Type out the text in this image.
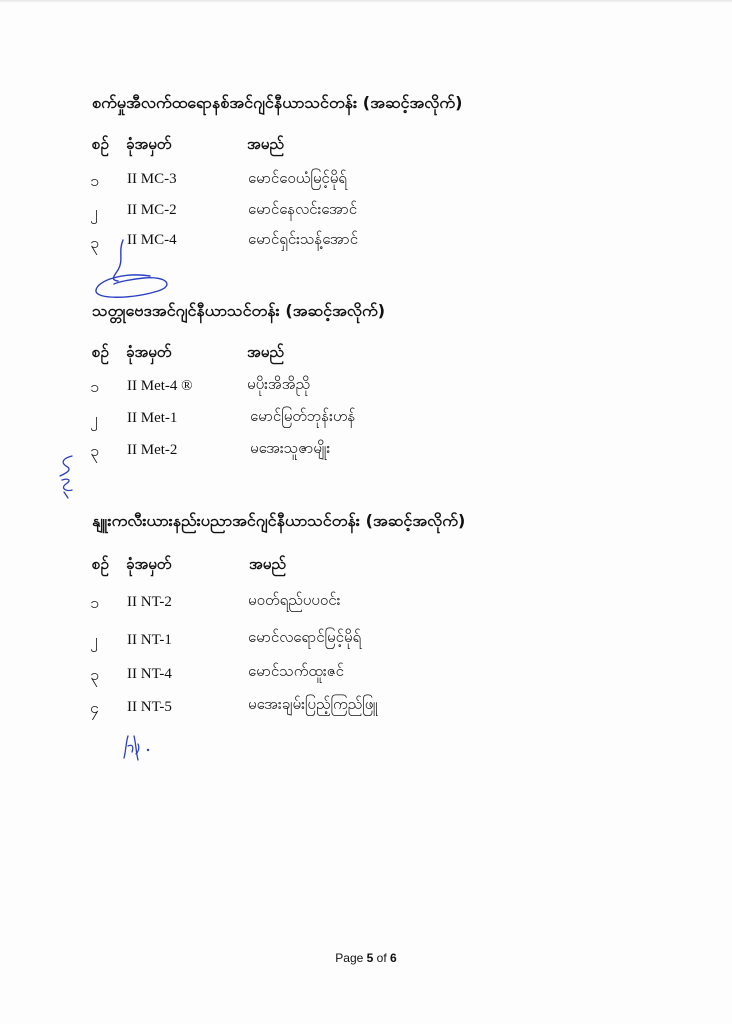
စက်မှုအီလက်ထရောနစ်အင်ဂျင်နီယာသင်တန်း (အဆင့်အလိုက်)
စဥ် ခုံအမှတ်	အမည်
၁ II MC-3	မောင်ဝေယံမြင့်မိုရ်
၂ II MC-2	မောင်နေလင်းအောင်
၃ II MC-4	မောင်ရှင်းသန့်အောင်
သတ္တုဗေဒအင်ဂျင်နီယာသင်တန်း (အဆင့်အလိုက်)
စဥ် ခုံအမှတ်	အမည်
၁ II Met-4 ®	မပိုးအိအိညို
၂ II Met-1	မောင်မြတ်ဘုန်းဟန်
၃ II Met-2	မအေးသူဇာမျိုး
နျူးကလီးယားနည်းပညာအင်ဂျင်နီယာသင်တန်း (အဆင့်အလိုက်)
စဥ် ခုံအမှတ်	အမည်
၁ II NT-2	မဝတ်ရည်ပပဝင်း
၂ II NT-1	မောင်လရောင်မြင့်မိုရ်
၃ II NT-4	မောင်သက်ထူးဇင်
၄ II NT-5	မအေးချမ်းပြည့်ကြည်ဖြူ
Page 5 of 6
